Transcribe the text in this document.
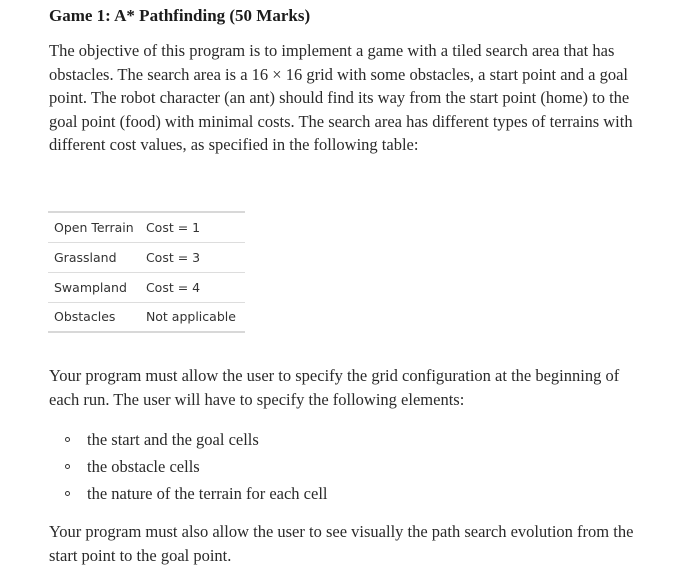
Game 1: A* Pathfinding (50 Marks)

The objective of this program is to implement a game with a tiled search area that has obstacles. The search area is a 16 × 16 grid with some obstacles, a start point and a goal point. The robot character (an ant) should find its way from the start point (home) to the goal point (food) with minimal costs. The search area has different types of terrains with different cost values, as specified in the following table:

Open Terrain	Cost = 1
Grassland	Cost = 3
Swampland	Cost = 4
Obstacles	Not applicable

Your program must allow the user to specify the grid configuration at the beginning of each run. The user will have to specify the following elements:

the start and the goal cells
the obstacle cells
the nature of the terrain for each cell

Your program must also allow the user to see visually the path search evolution from the start point to the goal point.
